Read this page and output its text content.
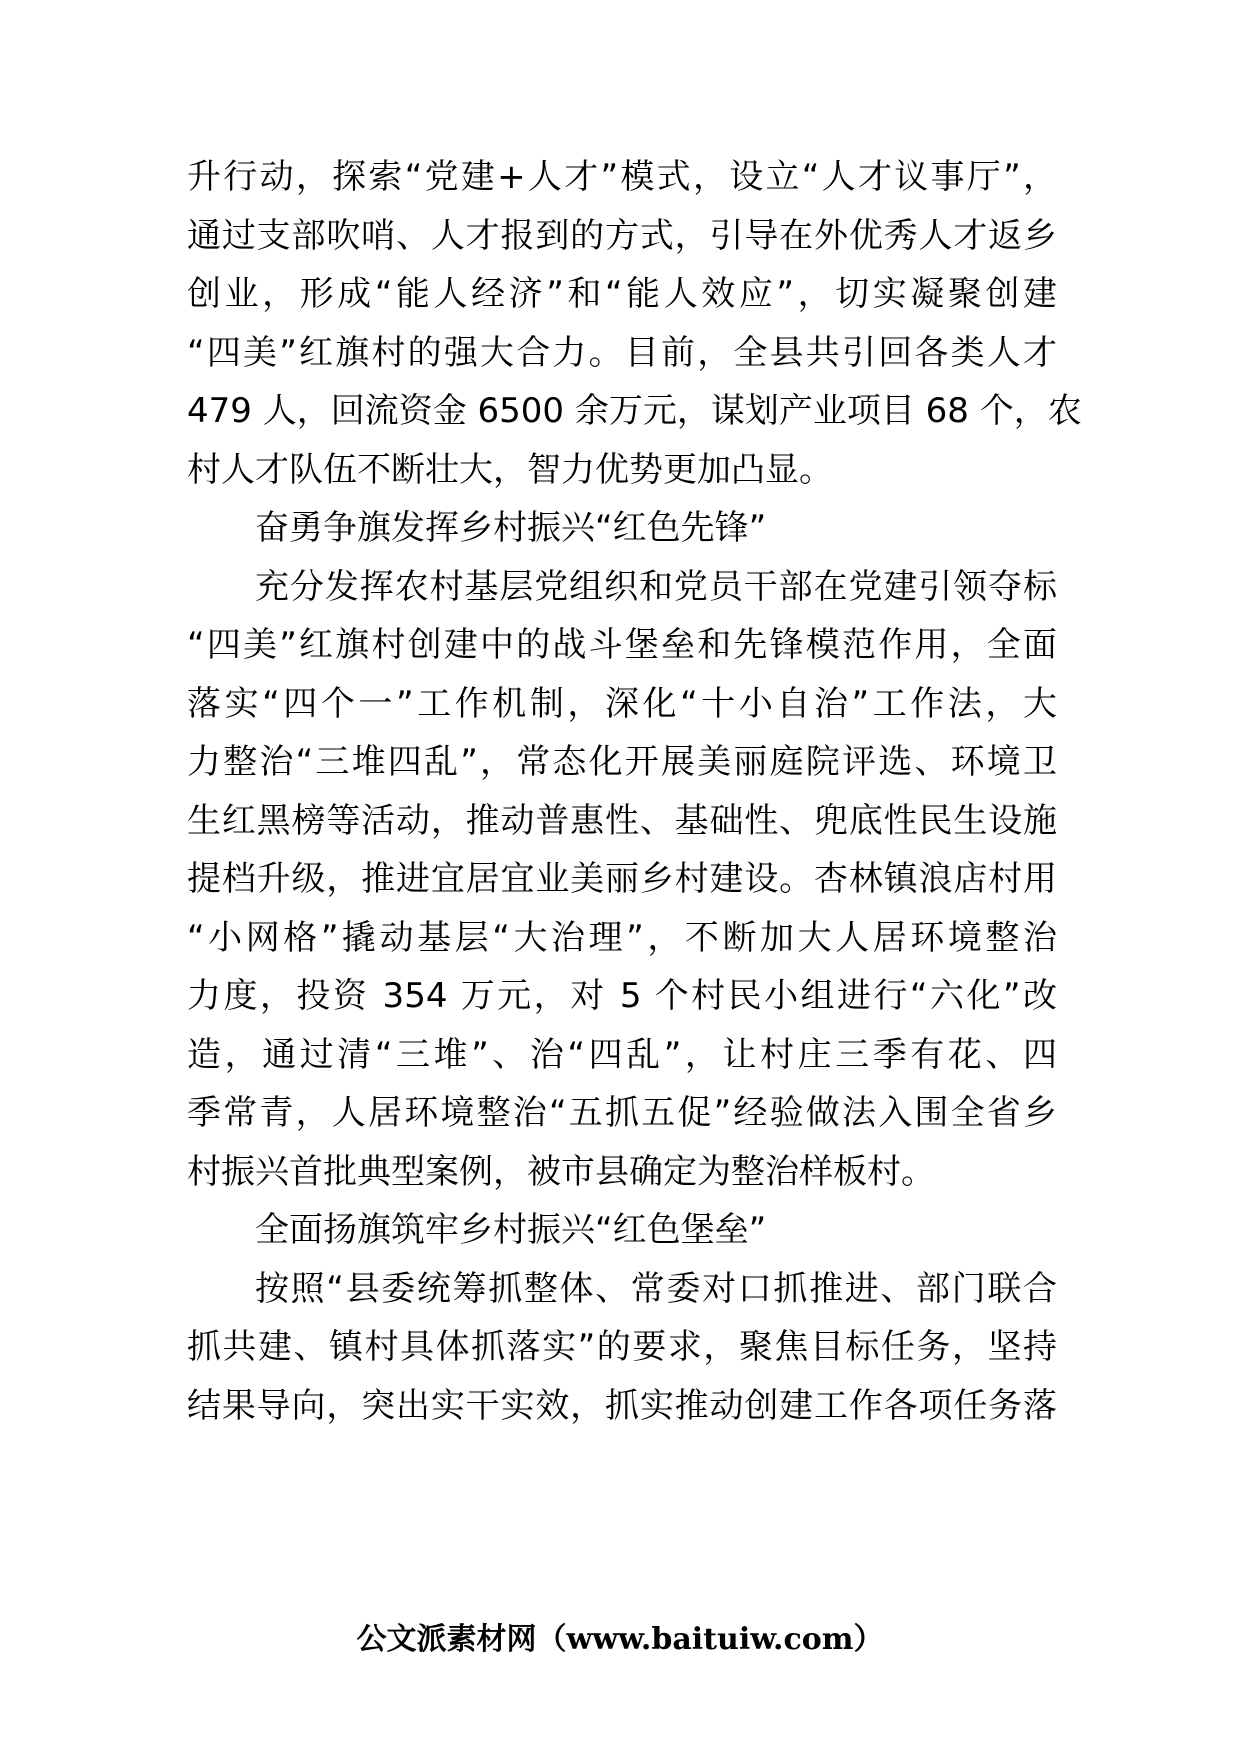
升行动，探索“党建+人才”模式，设立“人才议事厅”，
通过支部吹哨、人才报到的方式，引导在外优秀人才返乡
创业，形成“能人经济”和“能人效应”，切实凝聚创建
“四美”红旗村的强大合力。目前，全县共引回各类人才
479 人，回流资金 6500 余万元，谋划产业项目 68 个，农
村人才队伍不断壮大，智力优势更加凸显。
奋勇争旗发挥乡村振兴“红色先锋”
充分发挥农村基层党组织和党员干部在党建引领夺标
“四美”红旗村创建中的战斗堡垒和先锋模范作用，全面
落实“四个一”工作机制，深化“十小自治”工作法，大
力整治“三堆四乱”，常态化开展美丽庭院评选、环境卫
生红黑榜等活动，推动普惠性、基础性、兜底性民生设施
提档升级，推进宜居宜业美丽乡村建设。杏林镇浪店村用
“小网格”撬动基层“大治理”，不断加大人居环境整治
力度，投资 354 万元，对 5 个村民小组进行“六化”改
造，通过清“三堆”、治“四乱”，让村庄三季有花、四
季常青，人居环境整治“五抓五促”经验做法入围全省乡
村振兴首批典型案例，被市县确定为整治样板村。
全面扬旗筑牢乡村振兴“红色堡垒”
按照“县委统筹抓整体、常委对口抓推进、部门联合
抓共建、镇村具体抓落实”的要求，聚焦目标任务，坚持
结果导向，突出实干实效，抓实推动创建工作各项任务落
公文派素材网（www.baituiw.com）
